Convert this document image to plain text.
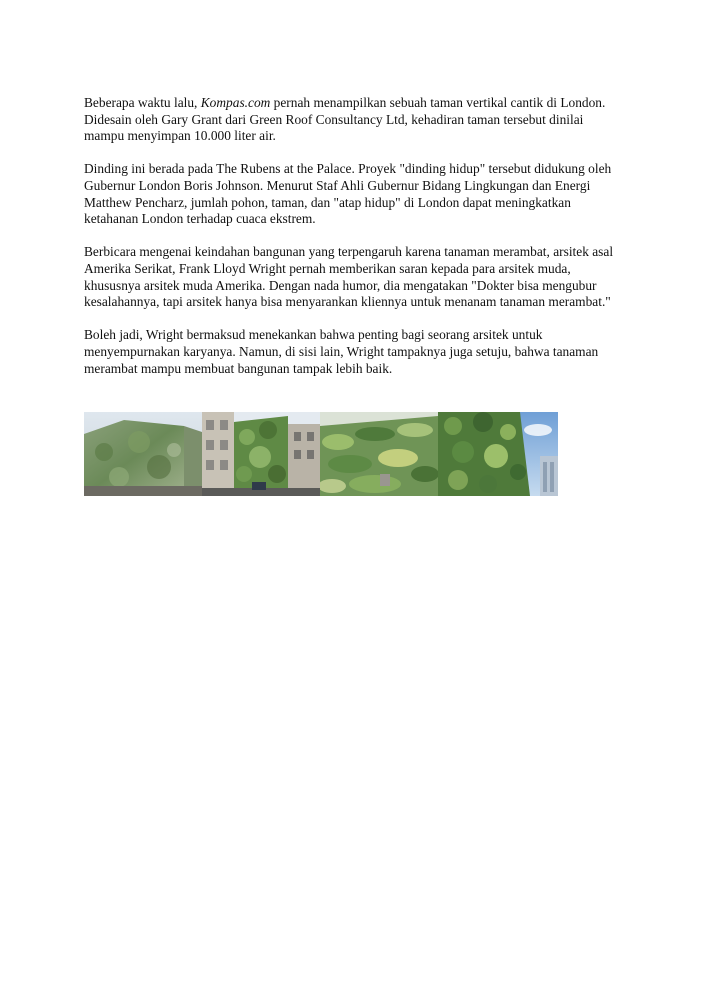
Beberapa waktu lalu, Kompas.com pernah menampilkan sebuah taman vertikal cantik di London. Didesain oleh Gary Grant dari Green Roof Consultancy Ltd, kehadiran taman tersebut dinilai mampu menyimpan 10.000 liter air.

Dinding ini berada pada The Rubens at the Palace. Proyek "dinding hidup" tersebut didukung oleh Gubernur London Boris Johnson. Menurut Staf Ahli Gubernur Bidang Lingkungan dan Energi Matthew Pencharz, jumlah pohon, taman, dan "atap hidup" di London dapat meningkatkan ketahanan London terhadap cuaca ekstrem.

Berbicara mengenai keindahan bangunan yang terpengaruh karena tanaman merambat, arsitek asal Amerika Serikat, Frank Lloyd Wright pernah memberikan saran kepada para arsitek muda, khususnya arsitek muda Amerika. Dengan nada humor, dia mengatakan "Dokter bisa mengubur kesalahannya, tapi arsitek hanya bisa menyarankan kliennya untuk menanam tanaman merambat."

Boleh jadi, Wright bermaksud menekankan bahwa penting bagi seorang arsitek untuk menyempurnakan karyanya. Namun, di sisi lain, Wright tampaknya juga setuju, bahwa tanaman merambat mampu membuat bangunan tampak lebih baik.
